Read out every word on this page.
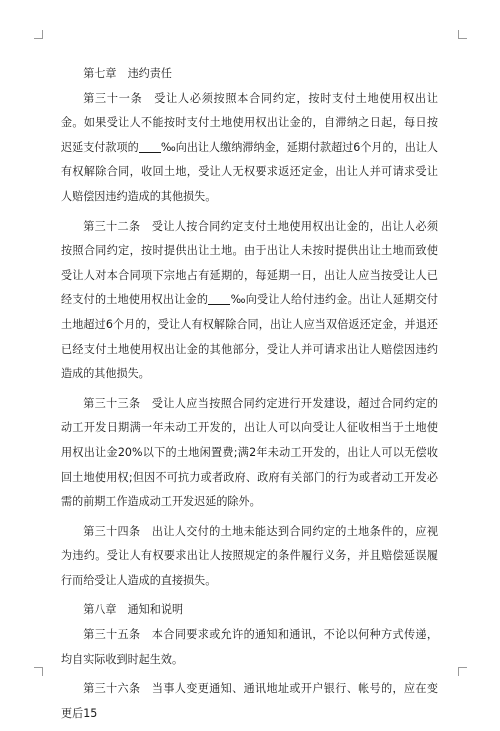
第七章　违约责任

第三十一条　受让人必须按照本合同约定，按时支付土地使用权出让金。如果受让人不能按时支付土地使用权出让金的，自滞纳之日起，每日按迟延支付款项的 ‰向出让人缴纳滞纳金，延期付款超过6个月的，出让人有权解除合同，收回土地，受让人无权要求返还定金，出让人并可请求受让人赔偿因违约造成的其他损失。

第三十二条　受让人按合同约定支付土地使用权出让金的，出让人必须按照合同约定，按时提供出让土地。由于出让人未按时提供出让土地而致使受让人对本合同项下宗地占有延期的，每延期一日，出让人应当按受让人已经支付的土地使用权出让金的 ‰向受让人给付违约金。出让人延期交付土地超过6个月的，受让人有权解除合同，出让人应当双倍返还定金，并退还已经支付土地使用权出让金的其他部分，受让人并可请求出让人赔偿因违约造成的其他损失。

第三十三条　受让人应当按照合同约定进行开发建设，超过合同约定的动工开发日期满一年未动工开发的，出让人可以向受让人征收相当于土地使用权出让金20%以下的土地闲置费;满2年未动工开发的，出让人可以无偿收回土地使用权;但因不可抗力或者政府、政府有关部门的行为或者动工开发必需的前期工作造成动工开发迟延的除外。

第三十四条　出让人交付的土地未能达到合同约定的土地条件的，应视为违约。受让人有权要求出让人按照规定的条件履行义务，并且赔偿延误履行而给受让人造成的直接损失。

第八章　通知和说明

第三十五条　本合同要求或允许的通知和通讯，不论以何种方式传递，均自实际收到时起生效。

第三十六条　当事人变更通知、通讯地址或开户银行、帐号的，应在变更后15
